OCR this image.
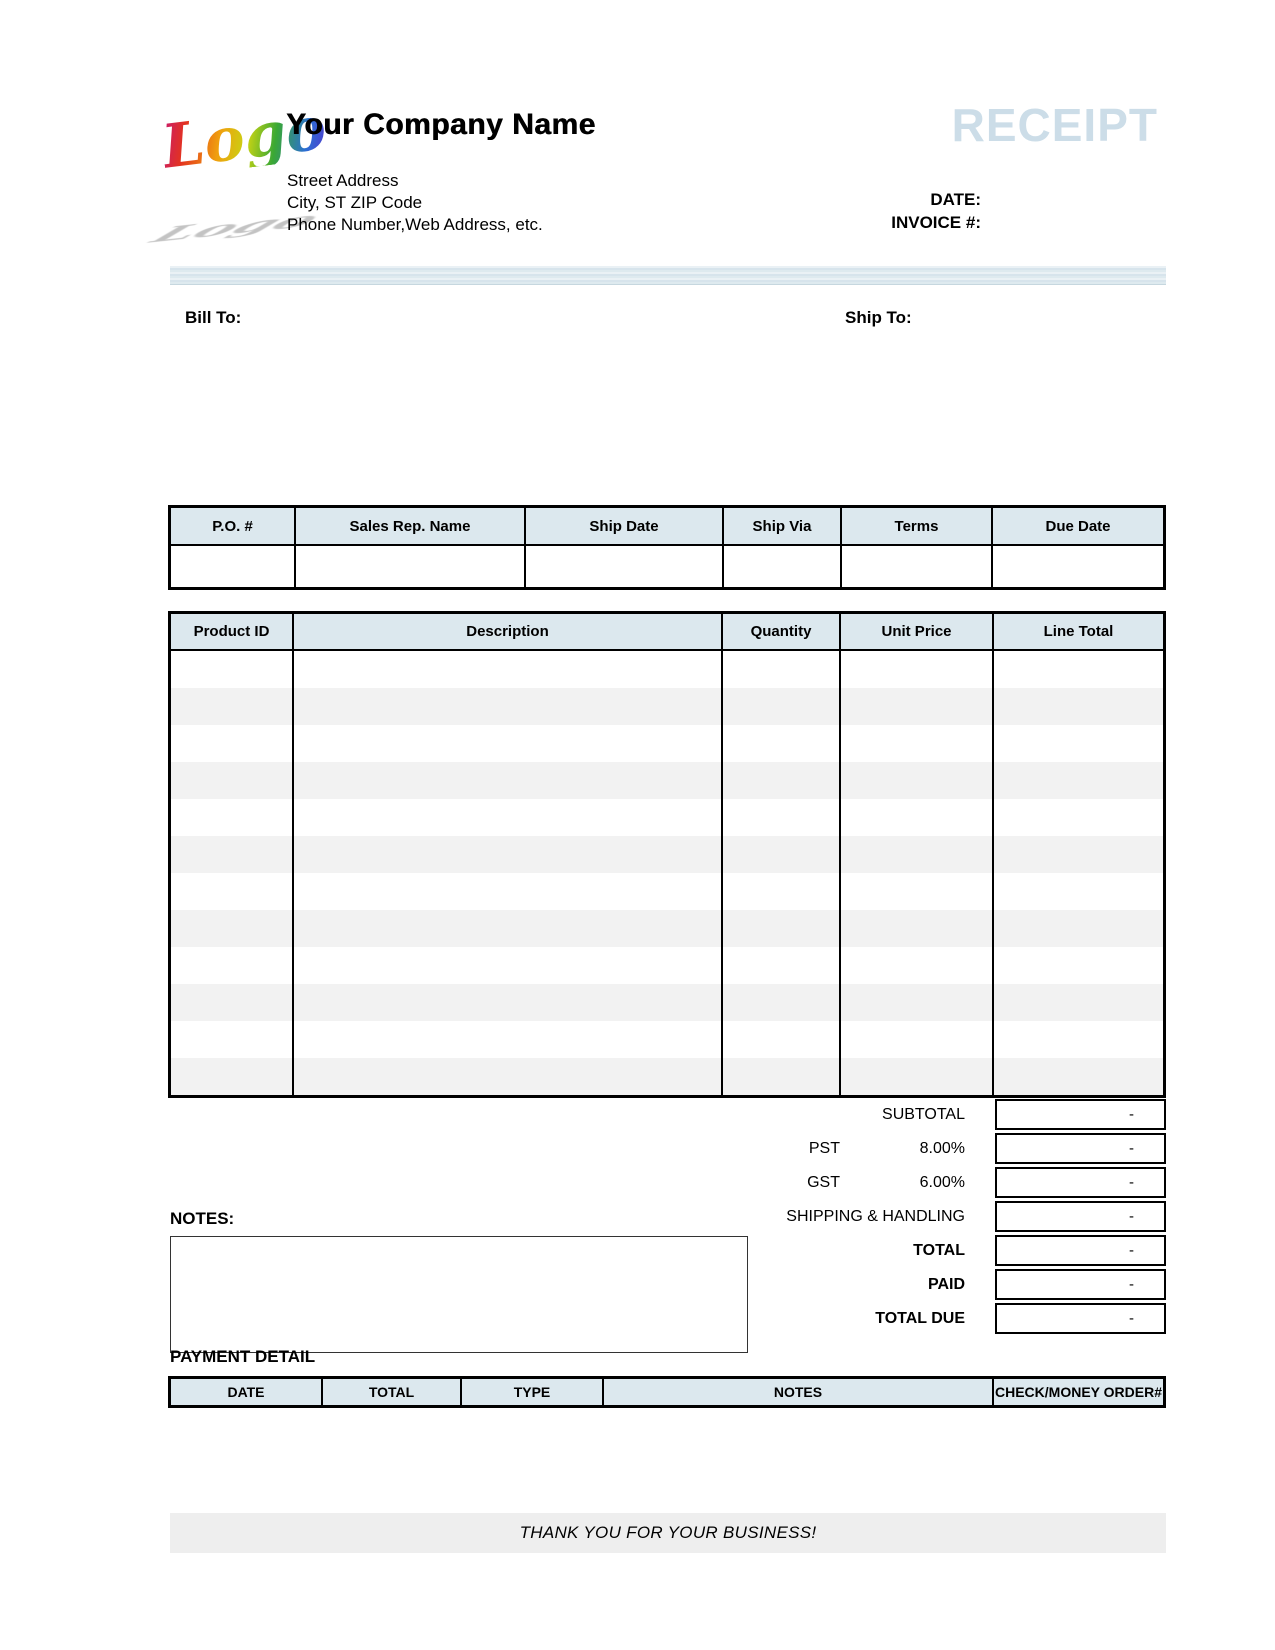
Logo
Logo
Your Company Name
Street Address
City, ST ZIP Code
Phone Number,Web Address, etc.
RECEIPT
DATE:
INVOICE #:
Bill To:	Ship To:
P.O. #	Sales Rep. Name	Ship Date	Ship Via	Terms	Due Date
Product ID	Description	Quantity	Unit Price	Line Total
SUBTOTAL	-
PST	8.00%	-
GST	6.00%	-
SHIPPING & HANDLING	-
TOTAL	-
PAID	-
TOTAL DUE	-
NOTES:
PAYMENT DETAIL
DATE	TOTAL	TYPE	NOTES	CHECK/MONEY ORDER#
THANK YOU FOR YOUR BUSINESS!
